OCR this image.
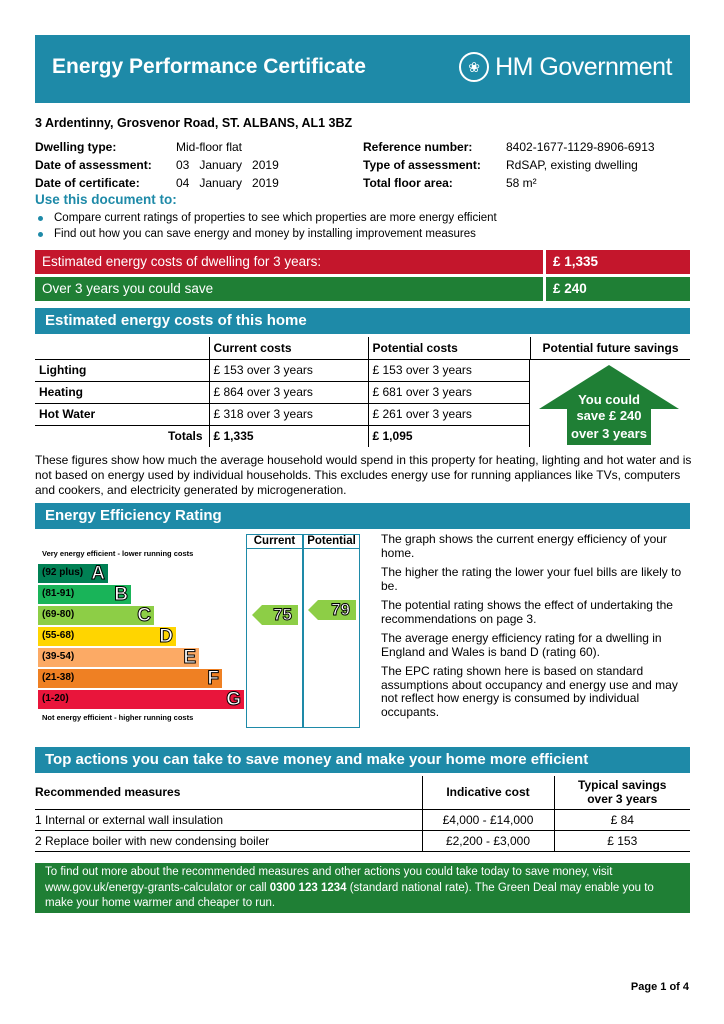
Energy Performance Certificate	❀ HM Government
3 Ardentinny, Grosvenor Road, ST. ALBANS, AL1 3BZ
Dwelling type:	Mid-floor flat
Date of assessment:	03   January   2019
Date of certificate:	04   January   2019
Reference number:	8402-1677-1129-8906-6913
Type of assessment:	RdSAP, existing dwelling
Total floor area:	58 m²
Use this document to:
Compare current ratings of properties to see which properties are more energy efficient
Find out how you can save energy and money by installing improvement measures
Estimated energy costs of dwelling for 3 years:	£ 1,335
Over 3 years you could save	£ 240
Estimated energy costs of this home
	Current costs	Potential costs
Lighting	£ 153 over 3 years	£ 153 over 3 years
Heating	£ 864 over 3 years	£ 681 over 3 years
Hot Water	£ 318 over 3 years	£ 261 over 3 years
Totals	£ 1,335	£ 1,095
Potential future savings
You could
save £ 240
over 3 years
These figures show how much the average household would spend in this property for heating, lighting and hot water and is not based on energy used by individual households. This excludes energy use for running appliances like TVs, computers and cookers, and electricity generated by microgeneration.
Energy Efficiency Rating
Very energy efficient - lower running costs
(92 plus) A
(81-91) B
(69-80)	C
(55-68)	D
(39-54)	E
(21-38)	F
(1-20)	G
Not energy efficient - higher running costs
Current	Potential
75 79

The graph shows the current energy efficiency of your home.

The higher the rating the lower your fuel bills are likely to be.

The potential rating shows the effect of undertaking the recommendations on page 3.

The average energy efficiency rating for a dwelling in England and Wales is band D (rating 60).

The EPC rating shown here is based on standard assumptions about occupancy and energy use and may not reflect how energy is consumed by individual occupants.

Top actions you can take to save money and make your home more efficient
Recommended measures	Indicative cost	Typical savings
over 3 years
1 Internal or external wall insulation	£4,000 - £14,000	£ 84
2 Replace boiler with new condensing boiler	£2,200 - £3,000	£ 153
To find out more about the recommended measures and other actions you could take today to save money, visit
www.gov.uk/energy-grants-calculator or call 0300 123 1234 (standard national rate). The Green Deal may enable you to
make your home warmer and cheaper to run.
Page 1 of 4
